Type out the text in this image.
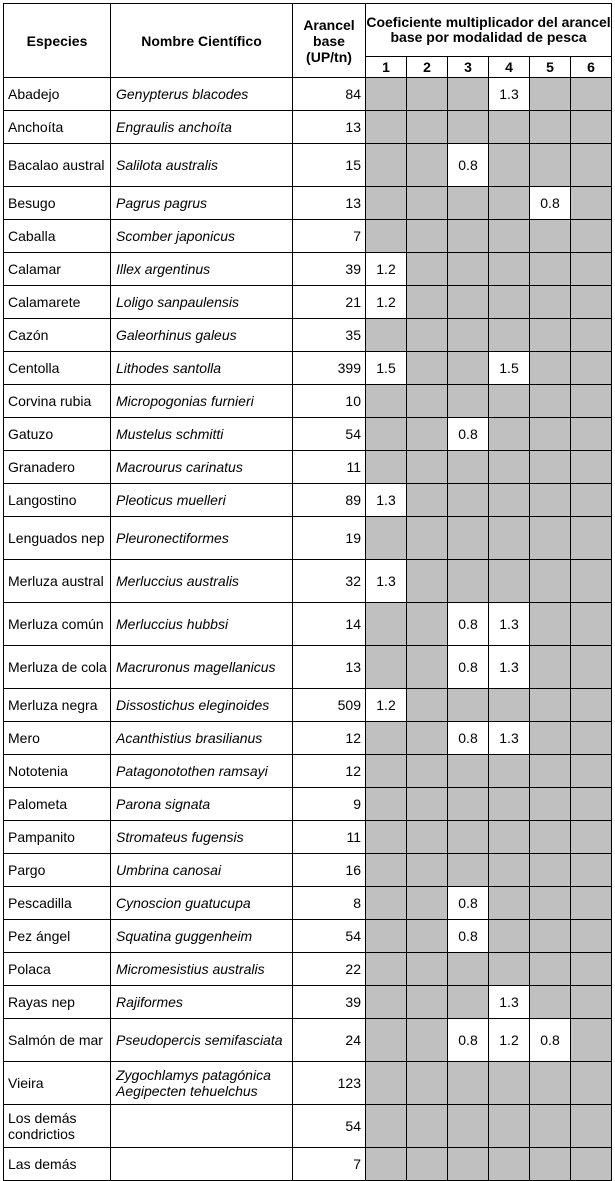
Especies	Nombre Científico	Arancel base (UP/tn)	Coeficiente multiplicador del arancel base por modalidad de pesca					
			1	2	3	4	5	6
Abadejo	Genypterus blacodes	84				1.3		
Anchoíta	Engraulis anchoíta	13						
Bacalao austral	Salilota australis	15			0.8			
Besugo	Pagrus pagrus	13					0.8	
Caballa	Scomber japonicus	7						
Calamar	Illex argentinus	39	1.2					
Calamarete	Loligo sanpaulensis	21	1.2					
Cazón	Galeorhinus galeus	35						
Centolla	Lithodes santolla	399	1.5			1.5		
Corvina rubia	Micropogonias furnieri	10						
Gatuzo	Mustelus schmitti	54			0.8			
Granadero	Macrourus carinatus	11						
Langostino	Pleoticus muelleri	89	1.3					
Lenguados nep	Pleuronectiformes	19						
Merluza austral	Merluccius australis	32	1.3					
Merluza común	Merluccius hubbsi	14			0.8	1.3		
Merluza de cola	Macruronus magellanicus	13			0.8	1.3		
Merluza negra	Dissostichus eleginoides	509	1.2					
Mero	Acanthistius brasilianus	12			0.8	1.3		
Nototenia	Patagonotothen ramsayi	12						
Palometa	Parona signata	9						
Pampanito	Stromateus fugensis	11						
Pargo	Umbrina canosai	16						
Pescadilla	Cynoscion guatucupa	8			0.8			
Pez ángel	Squatina guggenheim	54			0.8			
Polaca	Micromesistius australis	22						
Rayas nep	Rajiformes	39				1.3		
Salmón de mar	Pseudopercis semifasciata	24			0.8	1.2	0.8	
Vieira	Zygochlamys patagónica Aegipecten tehuelchus	123						
Los demás condrictios		54						
Las demás		7						
